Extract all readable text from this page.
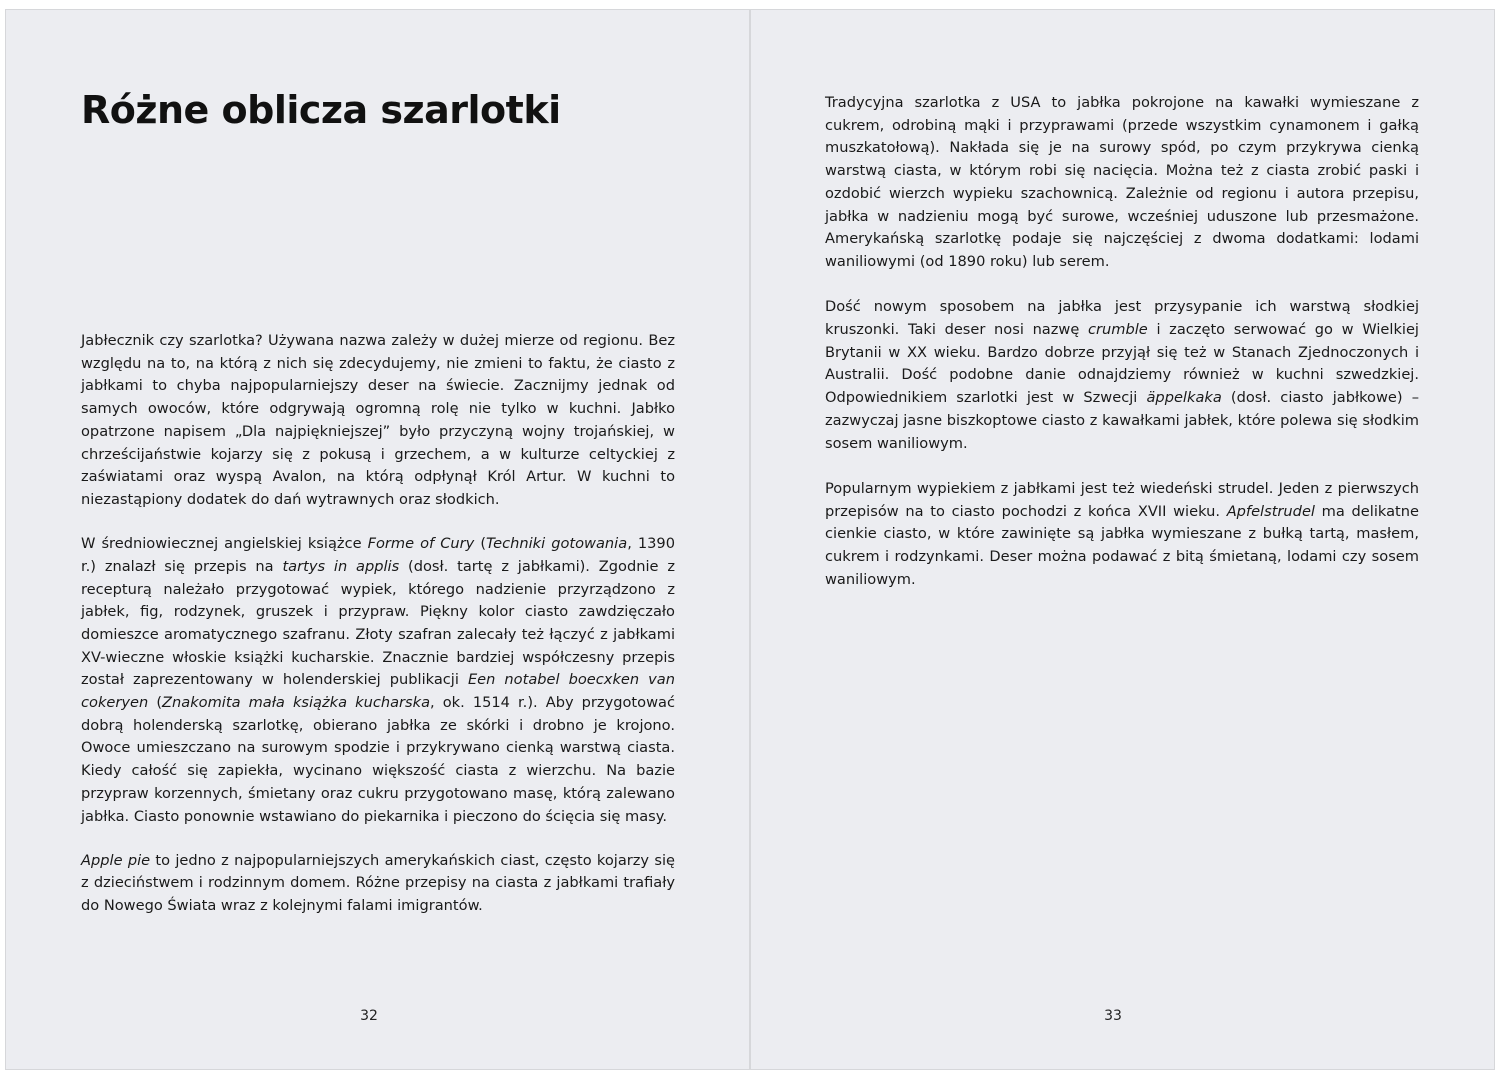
Różne oblicza szarlotki

Jabłecznik czy szarlotka? Używana nazwa zależy w dużej mierze od regionu. Bez względu na to, na którą z nich się zdecydujemy, nie zmieni to faktu, że ciasto z jabłkami to chyba najpopularniejszy deser na świecie. Zacznijmy jednak od samych owoców, które odgrywają ogromną rolę nie tylko w kuchni. Jabłko opatrzone napisem „Dla najpiękniejszej” było przyczyną wojny trojańskiej, w chrześcijaństwie kojarzy się z pokusą i grzechem, a w kulturze celtyckiej z zaświatami oraz wyspą Avalon, na którą odpłynął Król Artur. W kuchni to niezastąpiony dodatek do dań wytrawnych oraz słodkich.

W średniowiecznej angielskiej książce Forme of Cury (Techniki gotowania, 1390 r.) znalazł się przepis na tartys in applis (dosł. tartę z jabłkami). Zgodnie z recepturą należało przygotować wypiek, którego nadzienie przyrządzono z jabłek, fig, rodzynek, gruszek i przypraw. Piękny kolor ciasto zawdzięczało domieszce aromatycznego szafranu. Złoty szafran zalecały też łączyć z jabłkami XV-wieczne włoskie książki kucharskie. Znacznie bardziej współczesny przepis został zaprezentowany w holenderskiej publikacji Een notabel boecxken van cokeryen (Znakomita mała książka kucharska, ok. 1514 r.). Aby przygotować dobrą holenderską szarlotkę, obierano jabłka ze skórki i drobno je krojono. Owoce umieszczano na surowym spodzie i przykrywano cienką warstwą ciasta. Kiedy całość się zapiekła, wycinano większość ciasta z wierzchu. Na bazie przypraw korzennych, śmietany oraz cukru przygotowano masę, którą zalewano jabłka. Ciasto ponownie wstawiano do piekarnika i pieczono do ścięcia się masy.

Apple pie to jedno z najpopularniejszych amerykańskich ciast, często kojarzy się z dzieciństwem i rodzinnym domem. Różne przepisy na ciasta z jabłkami trafiały do Nowego Świata wraz z kolejnymi falami imigrantów.

32

Tradycyjna szarlotka z USA to jabłka pokrojone na kawałki wymieszane z cukrem, odrobiną mąki i przyprawami (przede wszystkim cynamonem i gałką muszkatołową). Nakłada się je na surowy spód, po czym przykrywa cienką warstwą ciasta, w którym robi się nacięcia. Można też z ciasta zrobić paski i ozdobić wierzch wypieku szachownicą. Zależnie od regionu i autora przepisu, jabłka w nadzieniu mogą być surowe, wcześniej uduszone lub przesmażone. Amerykańską szarlotkę podaje się najczęściej z dwoma dodatkami: lodami waniliowymi (od 1890 roku) lub serem.

Dość nowym sposobem na jabłka jest przysypanie ich warstwą słodkiej kruszonki. Taki deser nosi nazwę crumble i zaczęto serwować go w Wielkiej Brytanii w XX wieku. Bardzo dobrze przyjął się też w Stanach Zjednoczonych i Australii. Dość podobne danie odnajdziemy również w kuchni szwedzkiej. Odpowiednikiem szarlotki jest w Szwecji äppelkaka (dosł. ciasto jabłkowe) – zazwyczaj jasne biszkoptowe ciasto z kawałkami jabłek, które polewa się słodkim sosem waniliowym.

Popularnym wypiekiem z jabłkami jest też wiedeński strudel. Jeden z pierwszych przepisów na to ciasto pochodzi z końca XVII wieku. Apfelstrudel ma delikatne cienkie ciasto, w które zawinięte są jabłka wymieszane z bułką tartą, masłem, cukrem i rodzynkami. Deser można podawać z bitą śmietaną, lodami czy sosem waniliowym.

33
